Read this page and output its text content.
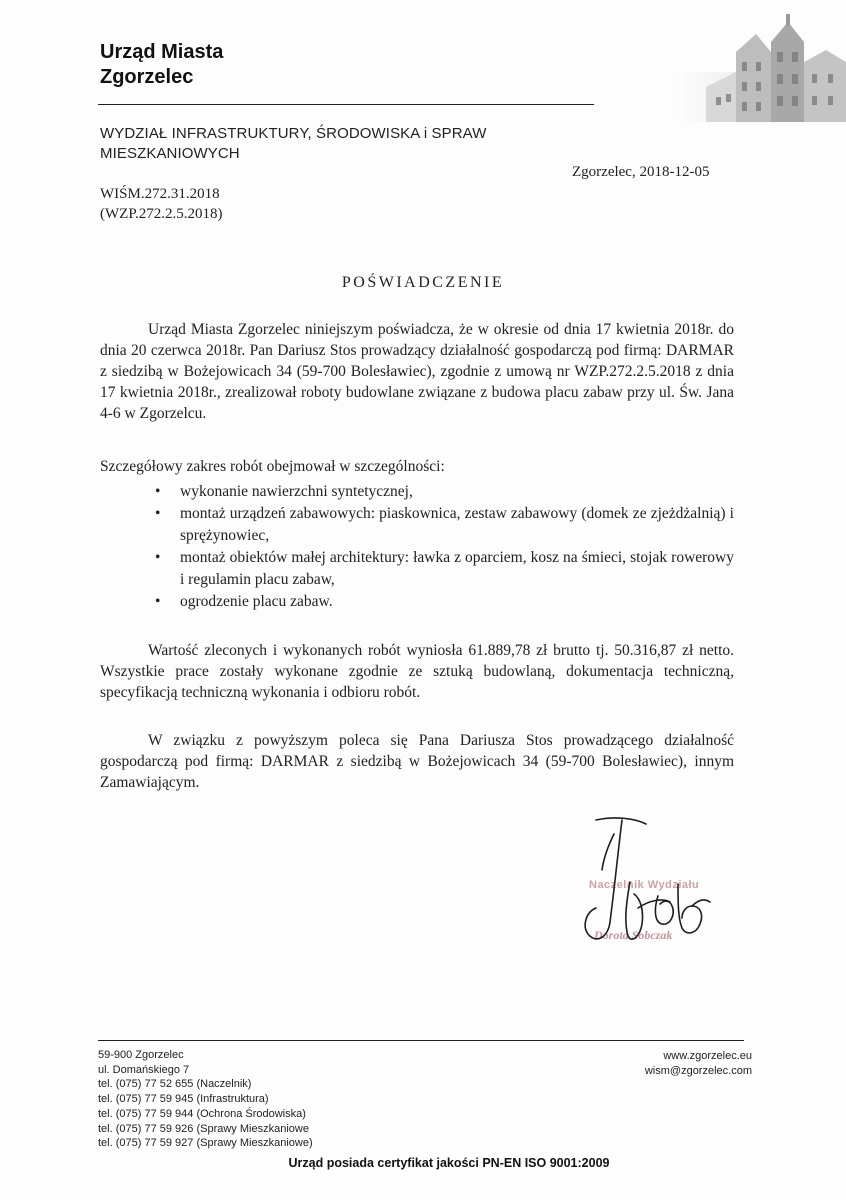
Urząd Miasta
Zgorzelec
WYDZIAŁ INFRASTRUKTURY, ŚRODOWISKA i SPRAW
MIESZKANIOWYCH
Zgorzelec, 2018-12-05
WIŚM.272.31.2018
(WZP.272.2.5.2018)
POŚWIADCZENIE
Urząd Miasta Zgorzelec niniejszym poświadcza, że w okresie od dnia 17 kwietnia 2018r. do dnia 20 czerwca 2018r. Pan Dariusz Stos prowadzący działalność gospodarczą pod firmą: DARMAR z siedzibą w Bożejowicach 34 (59-700 Bolesławiec), zgodnie z umową nr WZP.272.2.5.2018 z dnia 17 kwietnia 2018r., zrealizował roboty budowlane związane z budowa placu zabaw przy ul. Św. Jana 4-6 w Zgorzelcu.
Szczegółowy zakres robót obejmował w szczególności:
• wykonanie nawierzchni syntetycznej,
• montaż urządzeń zabawowych: piaskownica, zestaw zabawowy (domek ze zjeżdżalnią) i sprężynowiec,
• montaż obiektów małej architektury: ławka z oparciem, kosz na śmieci, stojak rowerowy i regulamin placu zabaw,
• ogrodzenie placu zabaw.
Wartość zleconych i wykonanych robót wyniosła 61.889,78 zł brutto tj. 50.316,87 zł netto. Wszystkie prace zostały wykonane zgodnie ze sztuką budowlaną, dokumentacja techniczną, specyfikacją techniczną wykonania i odbioru robót.
W związku z powyższym poleca się Pana Dariusza Stos prowadzącego działalność gospodarczą pod firmą: DARMAR z siedzibą w Bożejowicach 34 (59-700 Bolesławiec), innym Zamawiającym.
Naczelnik Wydziału
Dorota Sobczak
59-900 Zgorzelec
ul. Domańskiego 7
tel. (075) 77 52 655 (Naczelnik)
tel. (075) 77 59 945 (Infrastruktura)
tel. (075) 77 59 944 (Ochrona Środowiska)
tel. (075) 77 59 926 (Sprawy Mieszkaniowe
tel. (075) 77 59 927 (Sprawy Mieszkaniowe)
www.zgorzelec.eu
wism@zgorzelec.com
Urząd posiada certyfikat jakości PN-EN ISO 9001:2009
